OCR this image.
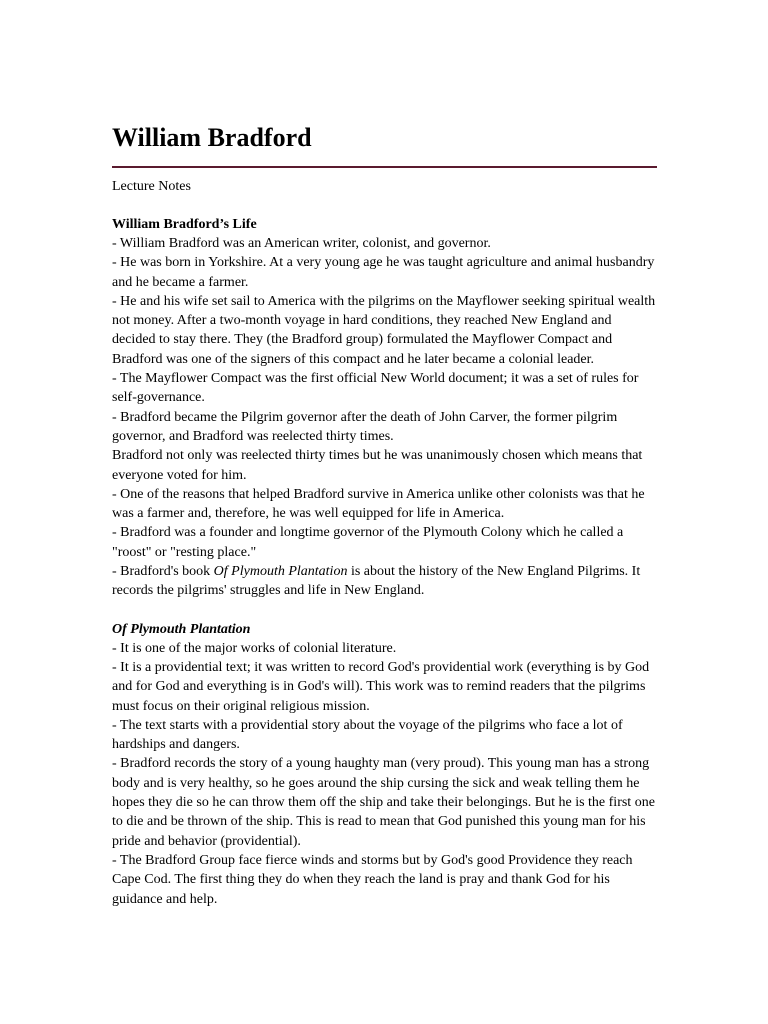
William Bradford
Lecture Notes
William Bradford’s Life
- William Bradford was an American writer, colonist, and governor.
- He was born in Yorkshire. At a very young age he was taught agriculture and animal husbandry and he became a farmer.
- He and his wife set sail to America with the pilgrims on the Mayflower seeking spiritual wealth not money. After a two-month voyage in hard conditions, they reached New England and decided to stay there. They (the Bradford group) formulated the Mayflower Compact and Bradford was one of the signers of this compact and he later became a colonial leader.
- The Mayflower Compact was the first official New World document; it was a set of rules for self-governance.
- Bradford became the Pilgrim governor after the death of John Carver, the former pilgrim governor, and Bradford was reelected thirty times.
Bradford not only was reelected thirty times but he was unanimously chosen which means that everyone voted for him.
- One of the reasons that helped Bradford survive in America unlike other colonists was that he was a farmer and, therefore, he was well equipped for life in America.
- Bradford was a founder and longtime governor of the Plymouth Colony which he called a "roost" or "resting place."
- Bradford's book Of Plymouth Plantation is about the history of the New England Pilgrims. It records the pilgrims' struggles and life in New England.
Of Plymouth Plantation
- It is one of the major works of colonial literature.
- It is a providential text; it was written to record God's providential work (everything is by God and for God and everything is in God's will). This work was to remind readers that the pilgrims must focus on their original religious mission.
- The text starts with a providential story about the voyage of the pilgrims who face a lot of hardships and dangers.
- Bradford records the story of a young haughty man (very proud). This young man has a strong body and is very healthy, so he goes around the ship cursing the sick and weak telling them he hopes they die so he can throw them off the ship and take their belongings. But he is the first one to die and be thrown of the ship. This is read to mean that God punished this young man for his pride and behavior (providential).
- The Bradford Group face fierce winds and storms but by God's good Providence they reach Cape Cod. The first thing they do when they reach the land is pray and thank God for his guidance and help.
